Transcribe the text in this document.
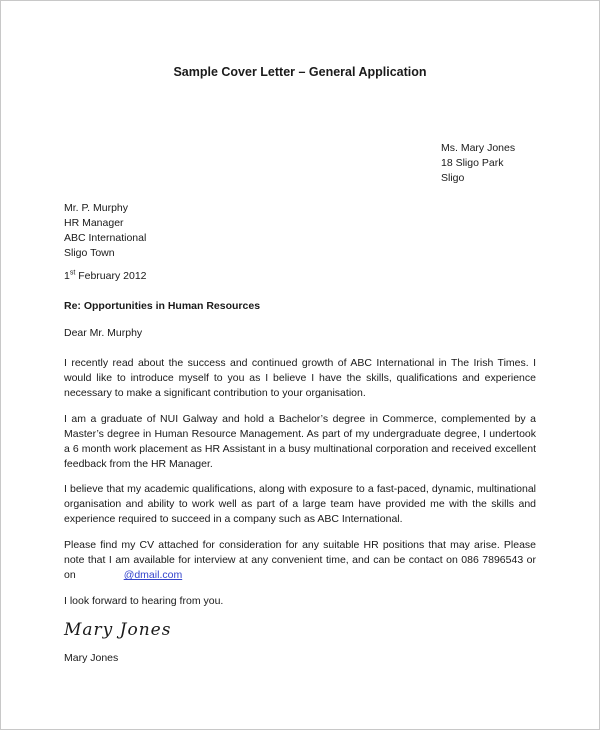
Sample Cover Letter – General Application
Ms. Mary Jones
18 Sligo Park
Sligo
Mr. P. Murphy
HR Manager
ABC International
Sligo Town
1st February 2012
Re: Opportunities in Human Resources
Dear Mr. Murphy

I recently read about the success and continued growth of ABC International in The Irish Times. I would like to introduce myself to you as I believe I have the skills, qualifications and experience necessary to make a significant contribution to your organisation.

I am a graduate of NUI Galway and hold a Bachelor’s degree in Commerce, complemented by a Master’s degree in Human Resource Management. As part of my undergraduate degree, I undertook a 6 month work placement as HR Assistant in a busy multinational corporation and received excellent feedback from the HR Manager.

I believe that my academic qualifications, along with exposure to a fast-paced, dynamic, multinational organisation and ability to work well as part of a large team have provided me with the skills and experience required to succeed in a company such as ABC International.

Please find my CV attached for consideration for any suitable HR positions that may arise. Please note that I am available for interview at any convenient time, and can be contact on 086 7896543 or on	@dmail.com

I look forward to hearing from you.

Mary Jones
Mary Jones
